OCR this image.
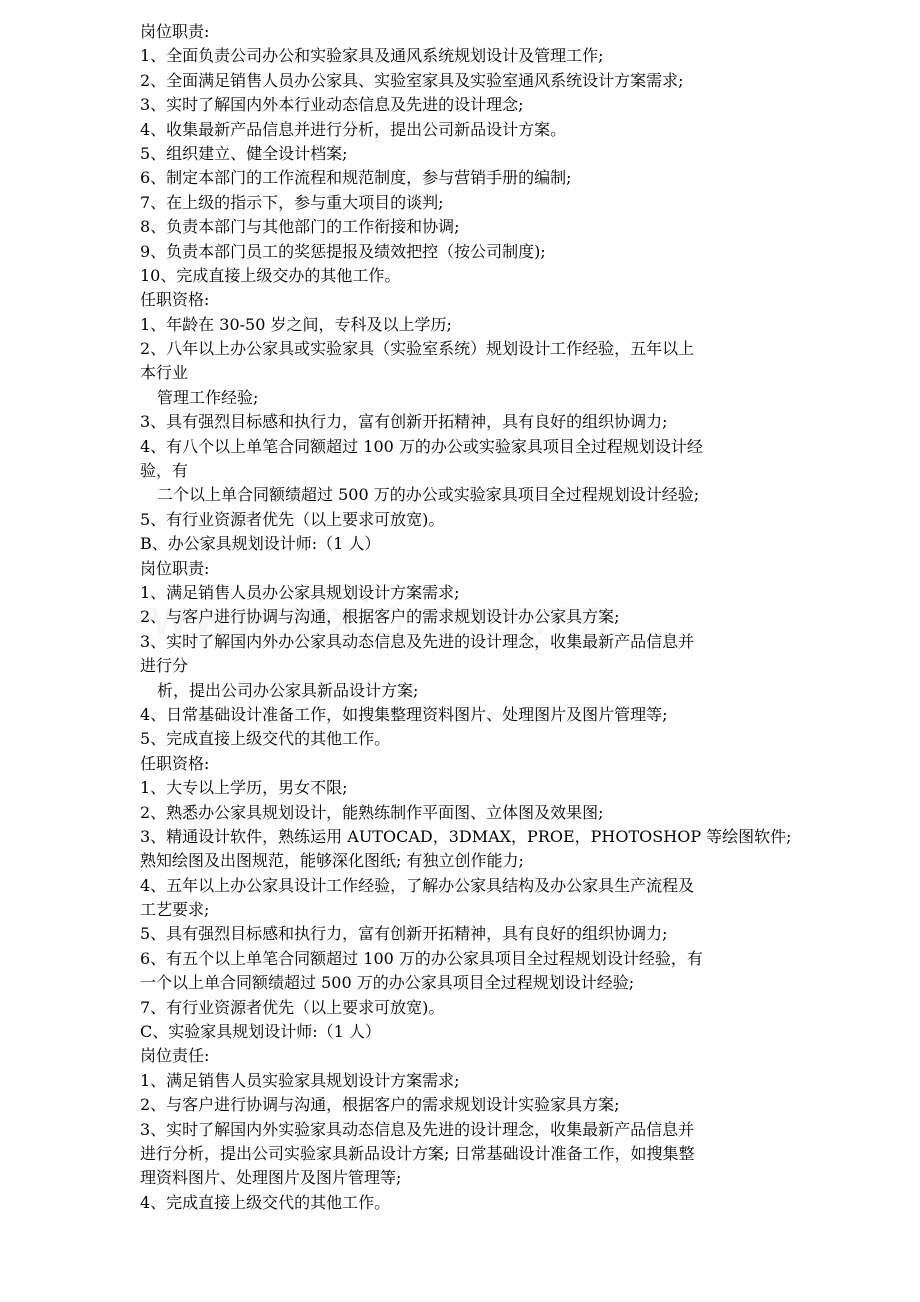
岗位职责:
1、全面负责公司办公和实验家具及通风系统规划设计及管理工作;
2、全面满足销售人员办公家具、实验室家具及实验室通风系统设计方案需求;
3、实时了解国内外本行业动态信息及先进的设计理念;
4、收集最新产品信息并进行分析，提出公司新品设计方案。
5、组织建立、健全设计档案;
6、制定本部门的工作流程和规范制度，参与营销手册的编制;
7、在上级的指示下，参与重大项目的谈判;
8、负责本部门与其他部门的工作衔接和协调;
9、负责本部门员工的奖惩提报及绩效把控（按公司制度);
10、完成直接上级交办的其他工作。
任职资格:
1、年龄在 30-50 岁之间，专科及以上学历;
2、八年以上办公家具或实验家具（实验室系统）规划设计工作经验，五年以上
本行业
管理工作经验;
3、具有强烈目标感和执行力，富有创新开拓精神，具有良好的组织协调力;
4、有八个以上单笔合同额超过 100 万的办公或实验家具项目全过程规划设计经
验，有
二个以上单合同额绩超过 500 万的办公或实验家具项目全过程规划设计经验;
5、有行业资源者优先（以上要求可放宽)。
B、办公家具规划设计师:（1 人）
岗位职责:
1、满足销售人员办公家具规划设计方案需求;
2、与客户进行协调与沟通，根据客户的需求规划设计办公家具方案;
3、实时了解国内外办公家具动态信息及先进的设计理念，收集最新产品信息并
进行分
析，提出公司办公家具新品设计方案;
4、日常基础设计准备工作，如搜集整理资料图片、处理图片及图片管理等;
5、完成直接上级交代的其他工作。
任职资格:
1、大专以上学历，男女不限;
2、熟悉办公家具规划设计，能熟练制作平面图、立体图及效果图;
3、精通设计软件，熟练运用 AUTOCAD，3DMAX，PROE，PHOTOSHOP 等绘图软件;
熟知绘图及出图规范，能够深化图纸; 有独立创作能力;
4、五年以上办公家具设计工作经验，了解办公家具结构及办公家具生产流程及
工艺要求;
5、具有强烈目标感和执行力，富有创新开拓精神，具有良好的组织协调力;
6、有五个以上单笔合同额超过 100 万的办公家具项目全过程规划设计经验，有
一个以上单合同额绩超过 500 万的办公家具项目全过程规划设计经验;
7、有行业资源者优先（以上要求可放宽)。
C、实验家具规划设计师:（1 人）
岗位责任:
1、满足销售人员实验家具规划设计方案需求;
2、与客户进行协调与沟通，根据客户的需求规划设计实验家具方案;
3、实时了解国内外实验家具动态信息及先进的设计理念，收集最新产品信息并
进行分析，提出公司实验家具新品设计方案; 日常基础设计准备工作，如搜集整
理资料图片、处理图片及图片管理等;
4、完成直接上级交代的其他工作。
